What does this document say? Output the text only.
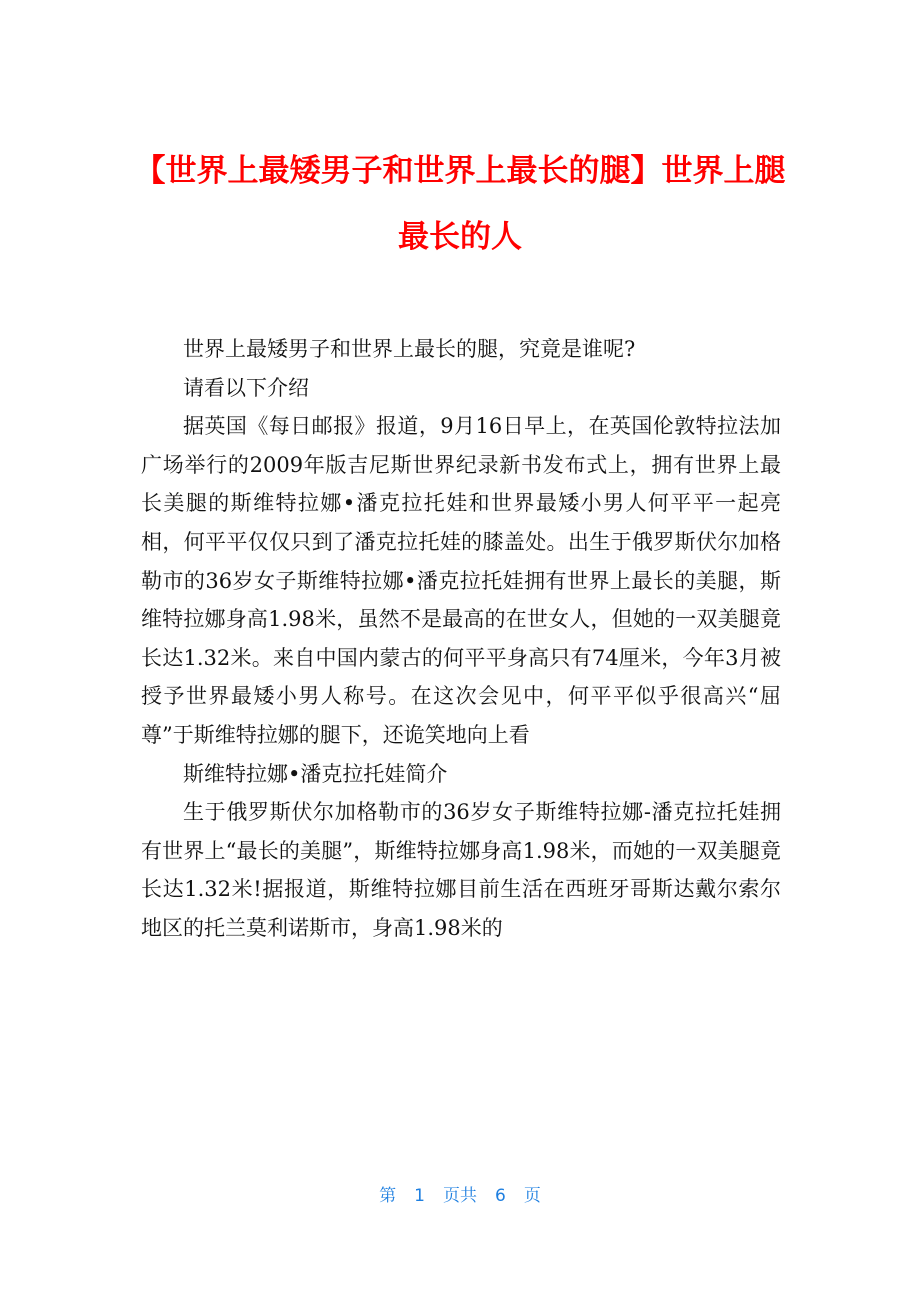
【世界上最矮男子和世界上最长的腿】世界上腿最长的人

世界上最矮男子和世界上最长的腿，究竟是谁呢?

请看以下介绍

据英国《每日邮报》报道，9月16日早上，在英国伦敦特拉法加广场举行的2009年版吉尼斯世界纪录新书发布式上，拥有世界上最长美腿的斯维特拉娜•潘克拉托娃和世界最矮小男人何平平一起亮相，何平平仅仅只到了潘克拉托娃的膝盖处。出生于俄罗斯伏尔加格勒市的36岁女子斯维特拉娜•潘克拉托娃拥有世界上最长的美腿，斯维特拉娜身高1.98米，虽然不是最高的在世女人，但她的一双美腿竟长达1.32米。来自中国内蒙古的何平平身高只有74厘米，今年3月被授予世界最矮小男人称号。在这次会见中，何平平似乎很高兴“屈尊”于斯维特拉娜的腿下，还诡笑地向上看

斯维特拉娜•潘克拉托娃简介

生于俄罗斯伏尔加格勒市的36岁女子斯维特拉娜-潘克拉托娃拥有世界上“最长的美腿”，斯维特拉娜身高1.98米，而她的一双美腿竟长达1.32米!据报道，斯维特拉娜目前生活在西班牙哥斯达戴尔索尔地区的托兰莫利诺斯市，身高1.98米的

第 1 页共 6 页
